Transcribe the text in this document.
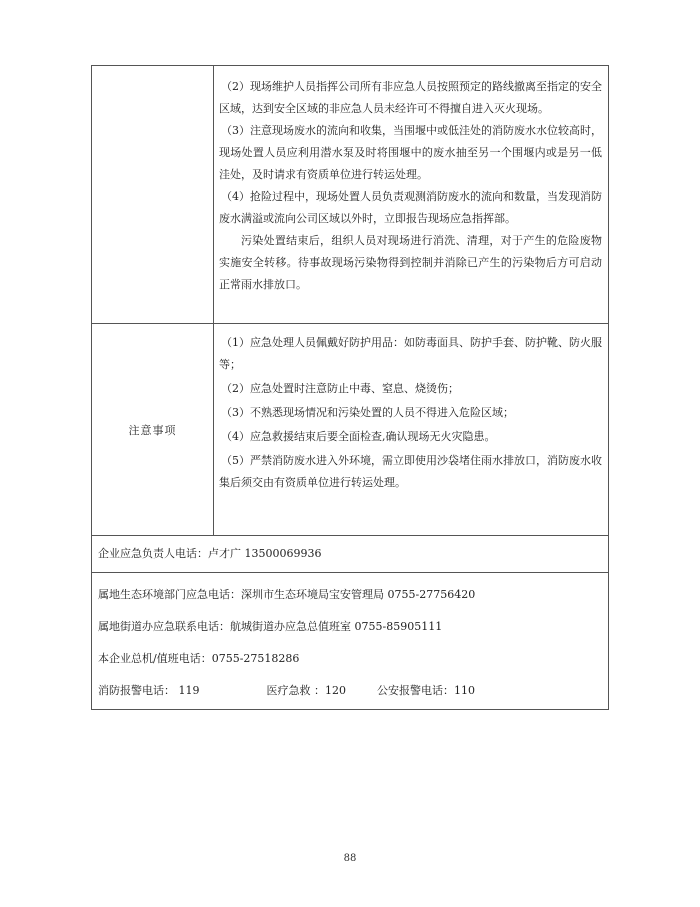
（2）现场维护人员指挥公司所有非应急人员按照预定的路线撤离至指定的安全区域，达到安全区域的非应急人员未经许可不得擅自进入灭火现场。

（3）注意现场废水的流向和收集，当围堰中或低洼处的消防废水水位较高时，现场处置人员应利用潜水泵及时将围堰中的废水抽至另一个围堰内或是另一低洼处，及时请求有资质单位进行转运处理。

（4）抢险过程中，现场处置人员负责观测消防废水的流向和数量，当发现消防废水满溢或流向公司区域以外时，立即报告现场应急指挥部。

污染处置结束后，组织人员对现场进行消洗、清理，对于产生的危险废物实施安全转移。待事故现场污染物得到控制并消除已产生的污染物后方可启动正常雨水排放口。

注意事项

（1）应急处理人员佩戴好防护用品：如防毒面具、防护手套、防护靴、防火服等；

（2）应急处置时注意防止中毒、窒息、烧烫伤；

（3）不熟悉现场情况和污染处置的人员不得进入危险区域；

（4）应急救援结束后要全面检查,确认现场无火灾隐患。

（5）严禁消防废水进入外环境，需立即使用沙袋堵住雨水排放口，消防废水收集后须交由有资质单位进行转运处理。

企业应急负责人电话：卢才广 13500069936
属地生态环境部门应急电话：深圳市生态环境局宝安管理局 0755-27756420
属地街道办应急联系电话：航城街道办应急总值班室 0755-85905111
本企业总机/值班电话：0755-27518286
消防报警电话： 119	医疗急救 ：120	公安报警电话：110
88
